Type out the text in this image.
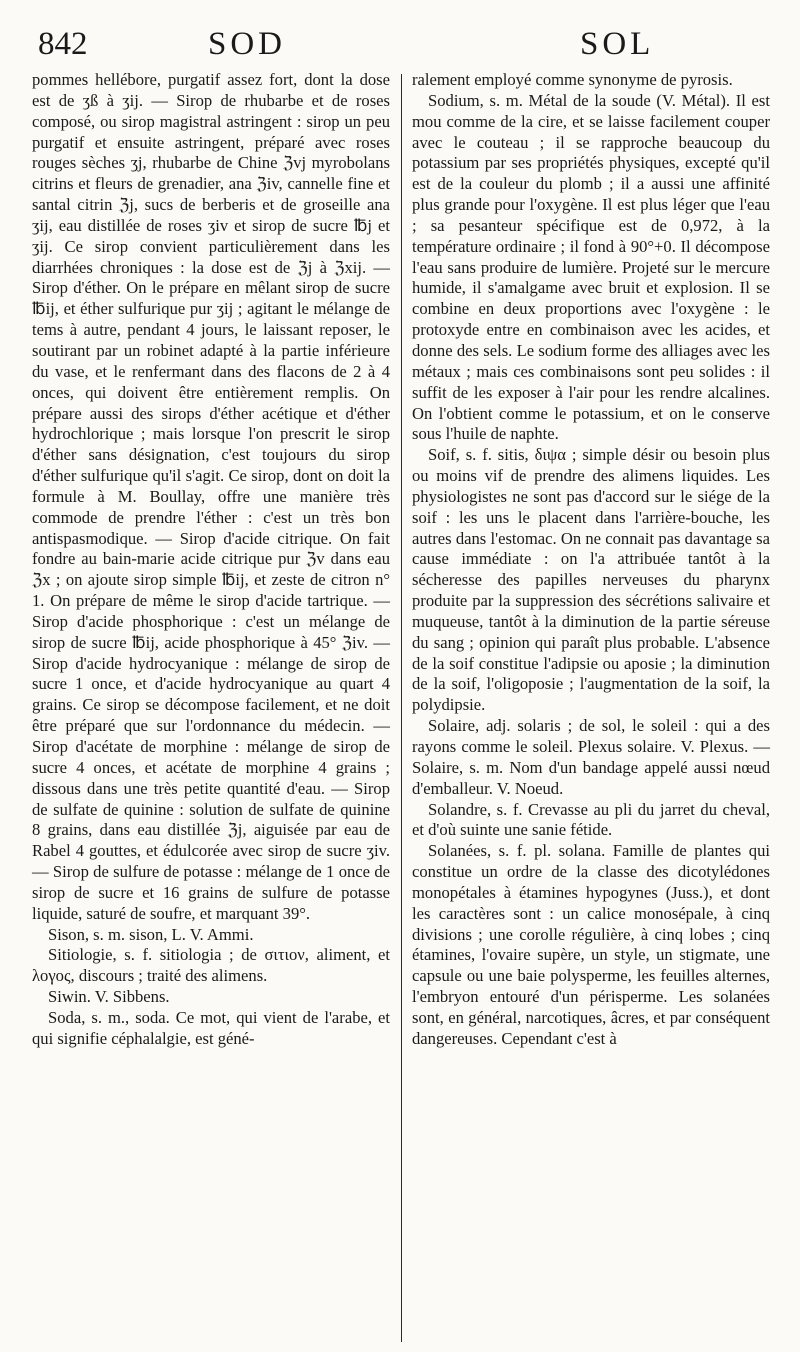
842	SOD	SOL

pommes hellébore, purgatif assez fort, dont la dose est de ʒß à ʒij. — Sirop de rhubarbe et de roses composé, ou sirop magistral astringent : sirop un peu purgatif et ensuite astringent, préparé avec roses rouges sèches ʒj, rhubarbe de Chine ℨvj myrobolans citrins et fleurs de grenadier, ana ℨiv, cannelle fine et santal citrin ℨj, sucs de berberis et de groseille ana ʒij, eau distillée de roses ʒiv et sirop de sucre ℔j et ʒij. Ce sirop convient particulièrement dans les diarrhées chroniques : la dose est de ℨj à ℨxij. — Sirop d'éther. On le prépare en mêlant sirop de sucre ℔ij, et éther sulfurique pur ʒij ; agitant le mélange de tems à autre, pendant 4 jours, le laissant reposer, le soutirant par un robinet adapté à la partie inférieure du vase, et le renfermant dans des flacons de 2 à 4 onces, qui doivent être entièrement remplis. On prépare aussi des sirops d'éther acétique et d'éther hydrochlorique ; mais lorsque l'on prescrit le sirop d'éther sans désignation, c'est toujours du sirop d'éther sulfurique qu'il s'agit. Ce sirop, dont on doit la formule à M. Boullay, offre une manière très commode de prendre l'éther : c'est un très bon antispasmodique. — Sirop d'acide citrique. On fait fondre au bain-marie acide citrique pur ℨv dans eau ℨx ; on ajoute sirop simple ℔ij, et zeste de citron n° 1. On prépare de même le sirop d'acide tartrique. — Sirop d'acide phosphorique : c'est un mélange de sirop de sucre ℔ij, acide phosphorique à 45° ℨiv. — Sirop d'acide hydrocyanique : mélange de sirop de sucre 1 once, et d'acide hydrocyanique au quart 4 grains. Ce sirop se décompose facilement, et ne doit être préparé que sur l'ordonnance du médecin. — Sirop d'acétate de morphine : mélange de sirop de sucre 4 onces, et acétate de morphine 4 grains ; dissous dans une très petite quantité d'eau. — Sirop de sulfate de quinine : solution de sulfate de quinine 8 grains, dans eau distillée ℨj, aiguisée par eau de Rabel 4 gouttes, et édulcorée avec sirop de sucre ʒiv. — Sirop de sulfure de potasse : mélange de 1 once de sirop de sucre et 16 grains de sulfure de potasse liquide, saturé de soufre, et marquant 39°.

Sison, s. m. sison, L. V. Ammi.

Sitiologie, s. f. sitiologia ; de σιτιον, aliment, et λογος, discours ; traité des alimens.

Siwin. V. Sibbens.

Soda, s. m., soda. Ce mot, qui vient de l'arabe, et qui signifie céphalalgie, est géné-

ralement employé comme synonyme de pyrosis.

Sodium, s. m. Métal de la soude (V. Métal). Il est mou comme de la cire, et se laisse facilement couper avec le couteau ; il se rapproche beaucoup du potassium par ses propriétés physiques, excepté qu'il est de la couleur du plomb ; il a aussi une affinité plus grande pour l'oxygène. Il est plus léger que l'eau ; sa pesanteur spécifique est de 0,972, à la température ordinaire ; il fond à 90°+0. Il décompose l'eau sans produire de lumière. Projeté sur le mercure humide, il s'amalgame avec bruit et explosion. Il se combine en deux proportions avec l'oxygène : le protoxyde entre en combinaison avec les acides, et donne des sels. Le sodium forme des alliages avec les métaux ; mais ces combinaisons sont peu solides : il suffit de les exposer à l'air pour les rendre alcalines. On l'obtient comme le potassium, et on le conserve sous l'huile de naphte.

Soif, s. f. sitis, διψα ; simple désir ou besoin plus ou moins vif de prendre des alimens liquides. Les physiologistes ne sont pas d'accord sur le siége de la soif : les uns le placent dans l'arrière-bouche, les autres dans l'estomac. On ne connait pas davantage sa cause immédiate : on l'a attribuée tantôt à la sécheresse des papilles nerveuses du pharynx produite par la suppression des sécrétions salivaire et muqueuse, tantôt à la diminution de la partie séreuse du sang ; opinion qui paraît plus probable. L'absence de la soif constitue l'adipsie ou aposie ; la diminution de la soif, l'oligoposie ; l'augmentation de la soif, la polydipsie.

Solaire, adj. solaris ; de sol, le soleil : qui a des rayons comme le soleil. Plexus solaire. V. Plexus. — Solaire, s. m. Nom d'un bandage appelé aussi nœud d'emballeur. V. Noeud.

Solandre, s. f. Crevasse au pli du jarret du cheval, et d'où suinte une sanie fétide.

Solanées, s. f. pl. solana. Famille de plantes qui constitue un ordre de la classe des dicotylédones monopétales à étamines hypogynes (Juss.), et dont les caractères sont : un calice monosépale, à cinq divisions ; une corolle régulière, à cinq lobes ; cinq étamines, l'ovaire supère, un style, un stigmate, une capsule ou une baie polysperme, les feuilles alternes, l'embryon entouré d'un périsperme. Les solanées sont, en général, narcotiques, âcres, et par conséquent dangereuses. Cependant c'est à
